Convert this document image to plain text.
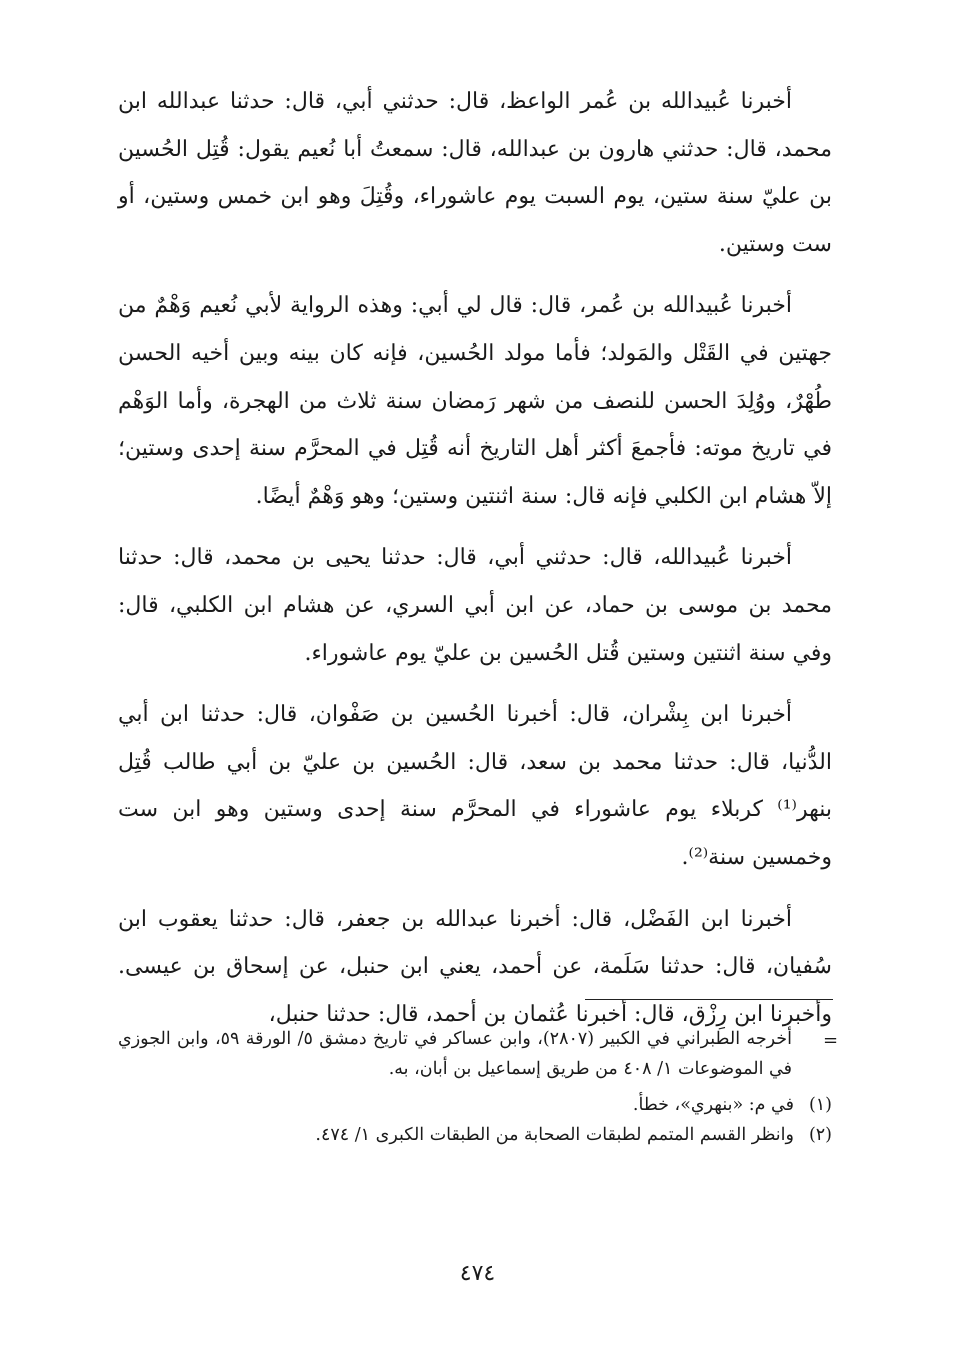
أخبرنا عُبيدالله بن عُمر الواعظ، قال: حدثني أبي، قال: حدثنا عبدالله ابن محمد، قال: حدثني هارون بن عبدالله، قال: سمعتُ أبا نُعيم يقول: قُتِل الحُسين بن عليّ سنة ستين، يوم السبت يوم عاشوراء، وقُتِلَ وهو ابن خمس وستين، أو ست وستين.

أخبرنا عُبيدالله بن عُمر، قال: قال لي أبي: وهذه الرواية لأبي نُعيم وَهْمٌ من جهتين في القَتْل والمَولد؛ فأما مولد الحُسين، فإنه كان بينه وبين أخيه الحسن طُهْرٌ، ووُلِدَ الحسن للنصف من شهر رَمضان سنة ثلاث من الهجرة، وأما الوَهْم في تاريخ موته: فأجمعَ أكثر أهل التاريخ أنه قُتِل في المحرَّم سنة إحدى وستين؛ إلاّ هشام ابن الكلبي فإنه قال: سنة اثنتين وستين؛ وهو وَهْمٌ أيضًا.

أخبرنا عُبيدالله، قال: حدثني أبي، قال: حدثنا يحيى بن محمد، قال: حدثنا محمد بن موسى بن حماد، عن ابن أبي السري، عن هشام ابن الكلبي، قال: وفي سنة اثنتين وستين قُتل الحُسين بن عليّ يوم عاشوراء.

أخبرنا ابن بِشْران، قال: أخبرنا الحُسين بن صَفْوان، قال: حدثنا ابن أبي الدُّنيا، قال: حدثنا محمد بن سعد، قال: الحُسين بن عليّ بن أبي طالب قُتِل بنهر⁽¹⁾ كربلاء يوم عاشوراء في المحرَّم سنة إحدى وستين وهو ابن ست وخمسين سنة⁽²⁾.

أخبرنا ابن الفَضْل، قال: أخبرنا عبدالله بن جعفر، قال: حدثنا يعقوب ابن سُفيان، قال: حدثنا سَلَمة، عن أحمد، يعني ابن حنبل، عن إسحاق بن عيسى. وأخبرنا ابن رِزْق، قال: أخبرنا عُثمان بن أحمد، قال: حدثنا حنبل،

=

أخرجه الطبراني في الكبير (٢٨٠٧)، وابن عساكر في تاريخ دمشق ٥/ الورقة ٥٩، وابن الجوزي في الموضوعات ١/ ٤٠٨ من طريق إسماعيل بن أبان، به.

(١)
في م: «بنهري»، خطأ.

(٢)
وانظر القسم المتمم لطبقات الصحابة من الطبقات الكبرى ١/ ٤٧٤.

٤٧٤
